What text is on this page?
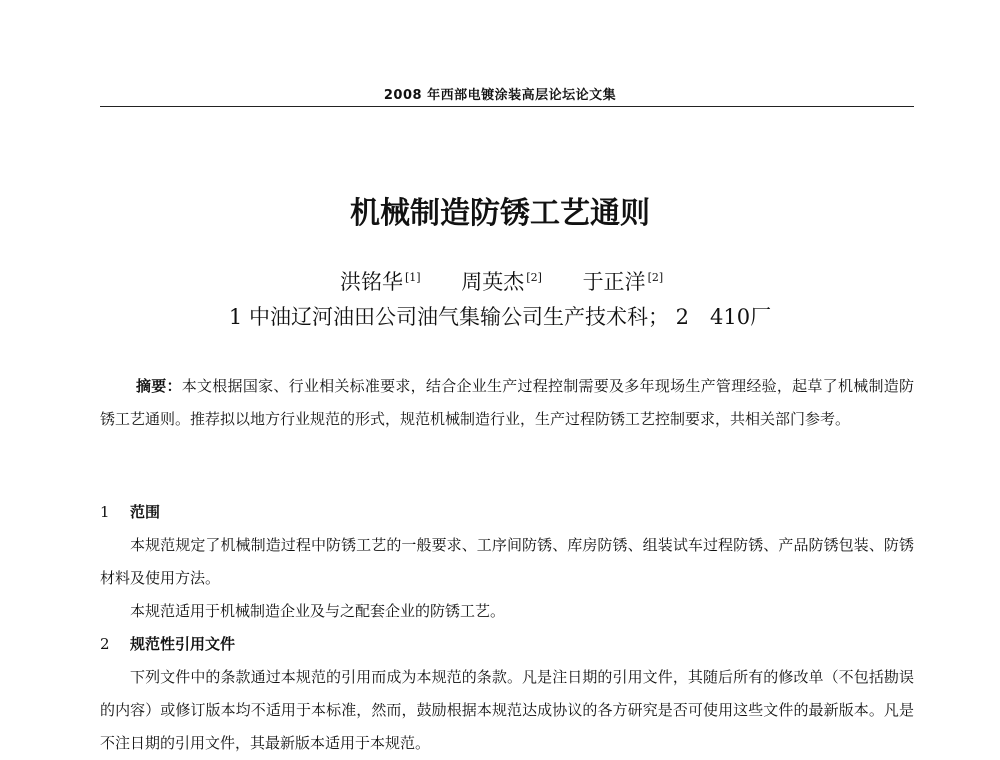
2008 年西部电镀涂装高层论坛论文集
机械制造防锈工艺通则
洪铭华 [1] 周英杰 [2] 于正洋 [2]
1 中油辽河油田公司油气集输公司生产技术科； 2　410厂
摘要：本文根据国家、行业相关标准要求，结合企业生产过程控制需要及多年现场生产管理经验，起草了机械制造防锈工艺通则。推荐拟以地方行业规范的形式，规范机械制造行业，生产过程防锈工艺控制要求，共相关部门参考。
1 范围
本规范规定了机械制造过程中防锈工艺的一般要求、工序间防锈、库房防锈、组装试车过程防锈、产品防锈包装、防锈材料及使用方法。
本规范适用于机械制造企业及与之配套企业的防锈工艺。
2 规范性引用文件
下列文件中的条款通过本规范的引用而成为本规范的条款。凡是注日期的引用文件，其随后所有的修改单（不包括勘误的内容）或修订版本均不适用于本标准，然而，鼓励根据本规范达成协议的各方研究是否可使用这些文件的最新版本。凡是不注日期的引用文件，其最新版本适用于本规范。
